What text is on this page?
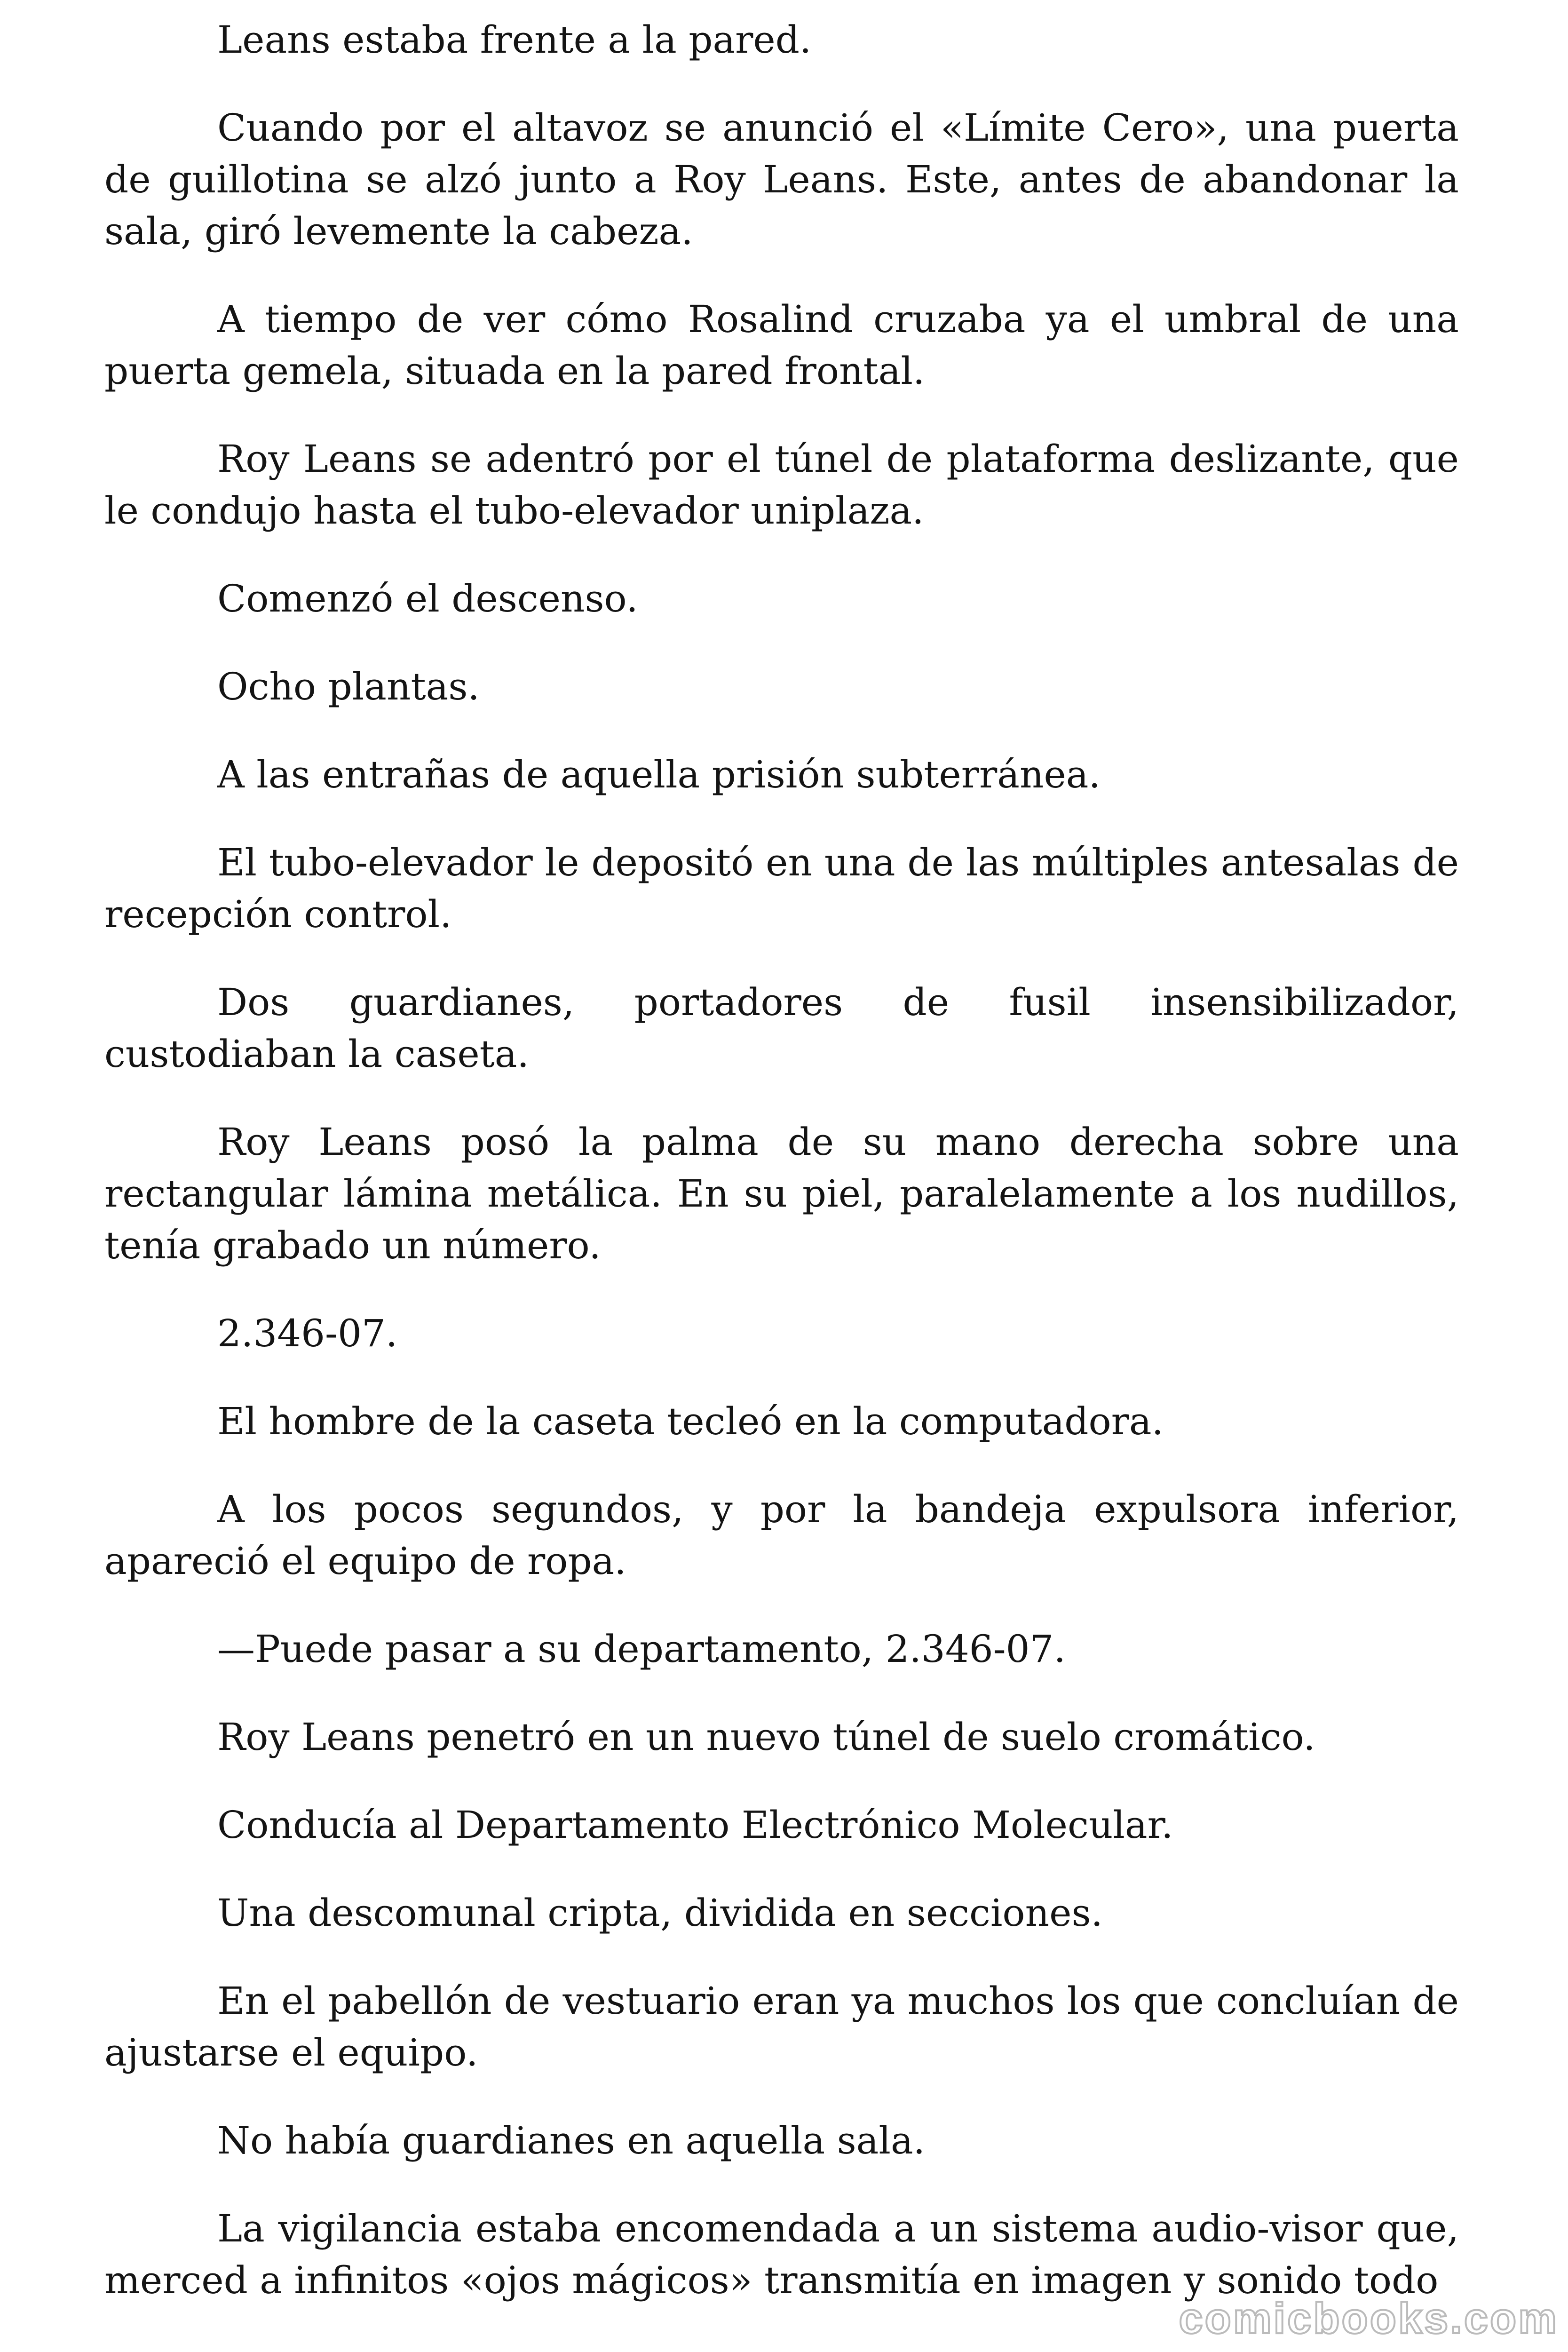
Leans estaba frente a la pared.

Cuando por el altavoz se anunció el «Límite Cero», una puerta de guillotina se alzó junto a Roy Leans. Este, antes de abandonar la sala, giró levemente la cabeza.

A tiempo de ver cómo Rosalind cruzaba ya el umbral de una puerta gemela, situada en la pared frontal.

Roy Leans se adentró por el túnel de plataforma deslizante, que le condujo hasta el tubo-elevador uniplaza.

Comenzó el descenso.

Ocho plantas.

A las entrañas de aquella prisión subterránea.

El tubo-elevador le depositó en una de las múltiples antesalas de recepción control.

Dos guardianes, portadores de fusil insensibilizador, custodiaban la caseta.

Roy Leans posó la palma de su mano derecha sobre una rectangular lámina metálica. En su piel, paralelamente a los nudillos, tenía grabado un número.

2.346-07.

El hombre de la caseta tecleó en la computadora.

A los pocos segundos, y por la bandeja expulsora inferior, apareció el equipo de ropa.

—Puede pasar a su departamento, 2.346-07.

Roy Leans penetró en un nuevo túnel de suelo cromático.

Conducía al Departamento Electrónico Molecular.

Una descomunal cripta, dividida en secciones.

En el pabellón de vestuario eran ya muchos los que concluían de ajustarse el equipo.

No había guardianes en aquella sala.

La vigilancia estaba encomendada a un sistema audio-visor que, merced a infinitos «ojos mágicos» transmitía en imagen y sonido todo

comicbooks.com
